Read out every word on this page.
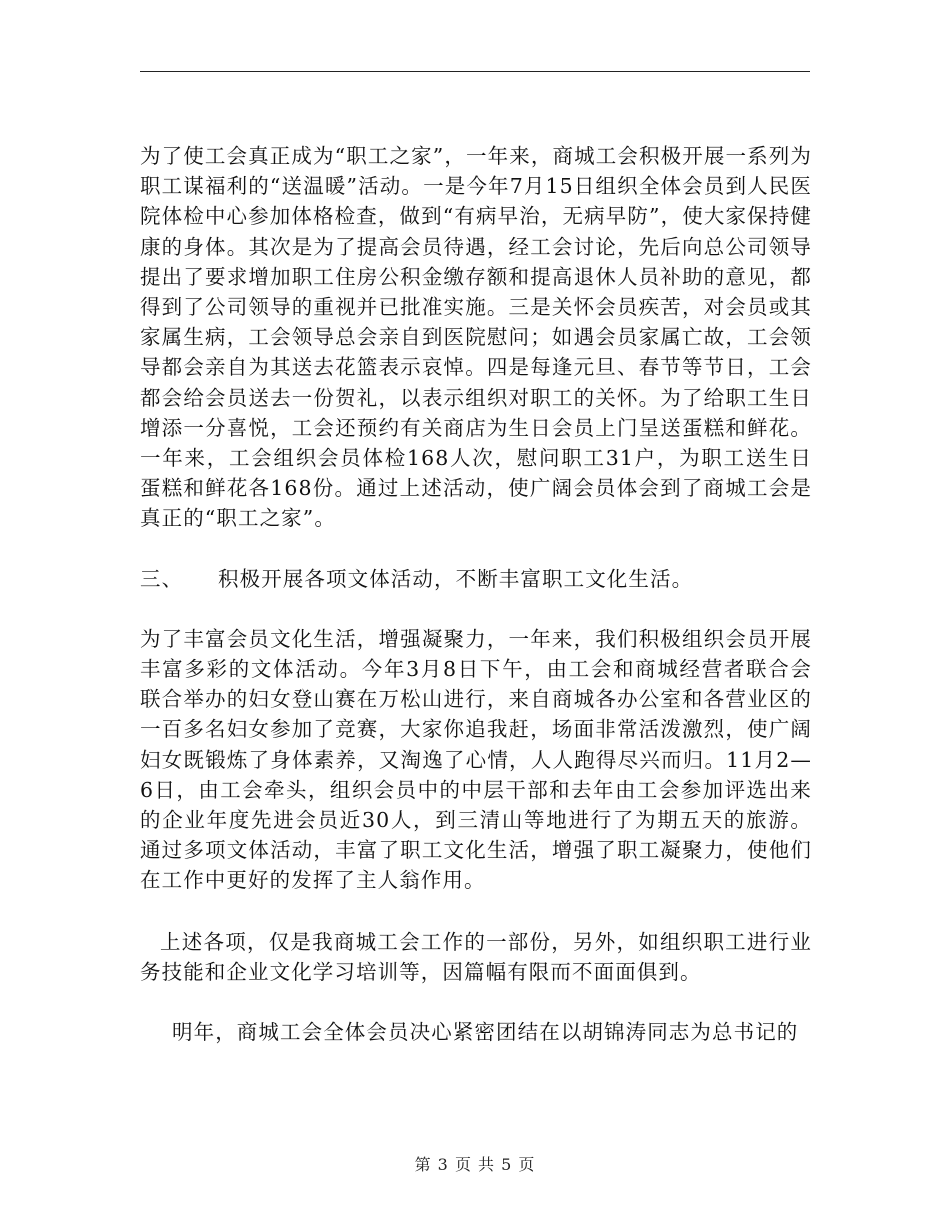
为了使工会真正成为“职工之家”，一年来，商城工会积极开展一系列为职工谋福利的“送温暖”活动。一是今年7月15日组织全体会员到人民医院体检中心参加体格检查，做到“有病早治，无病早防”，使大家保持健康的身体。其次是为了提高会员待遇，经工会讨论，先后向总公司领导提出了要求增加职工住房公积金缴存额和提高退休人员补助的意见，都得到了公司领导的重视并已批准实施。三是关怀会员疾苦，对会员或其家属生病，工会领导总会亲自到医院慰问；如遇会员家属亡故，工会领导都会亲自为其送去花篮表示哀悼。四是每逢元旦、春节等节日，工会都会给会员送去一份贺礼，以表示组织对职工的关怀。为了给职工生日增添一分喜悦，工会还预约有关商店为生日会员上门呈送蛋糕和鲜花。一年来，工会组织会员体检168人次，慰问职工31户，为职工送生日蛋糕和鲜花各168份。通过上述活动，使广阔会员体会到了商城工会是真正的“职工之家”。

三、	积极开展各项文体活动，不断丰富职工文化生活。

为了丰富会员文化生活，增强凝聚力，一年来，我们积极组织会员开展丰富多彩的文体活动。今年3月8日下午，由工会和商城经营者联合会联合举办的妇女登山赛在万松山进行，来自商城各办公室和各营业区的一百多名妇女参加了竞赛，大家你追我赶，场面非常活泼激烈，使广阔妇女既锻炼了身体素养，又淘逸了心情，人人跑得尽兴而归。11月2—6日，由工会牵头，组织会员中的中层干部和去年由工会参加评选出来的企业年度先进会员近30人，到三清山等地进行了为期五天的旅游。通过多项文体活动，丰富了职工文化生活，增强了职工凝聚力，使他们在工作中更好的发挥了主人翁作用。

上述各项，仅是我商城工会工作的一部份，另外，如组织职工进行业务技能和企业文化学习培训等，因篇幅有限而不面面俱到。

明年，商城工会全体会员决心紧密团结在以胡锦涛同志为总书记的

第 3 页 共 5 页
